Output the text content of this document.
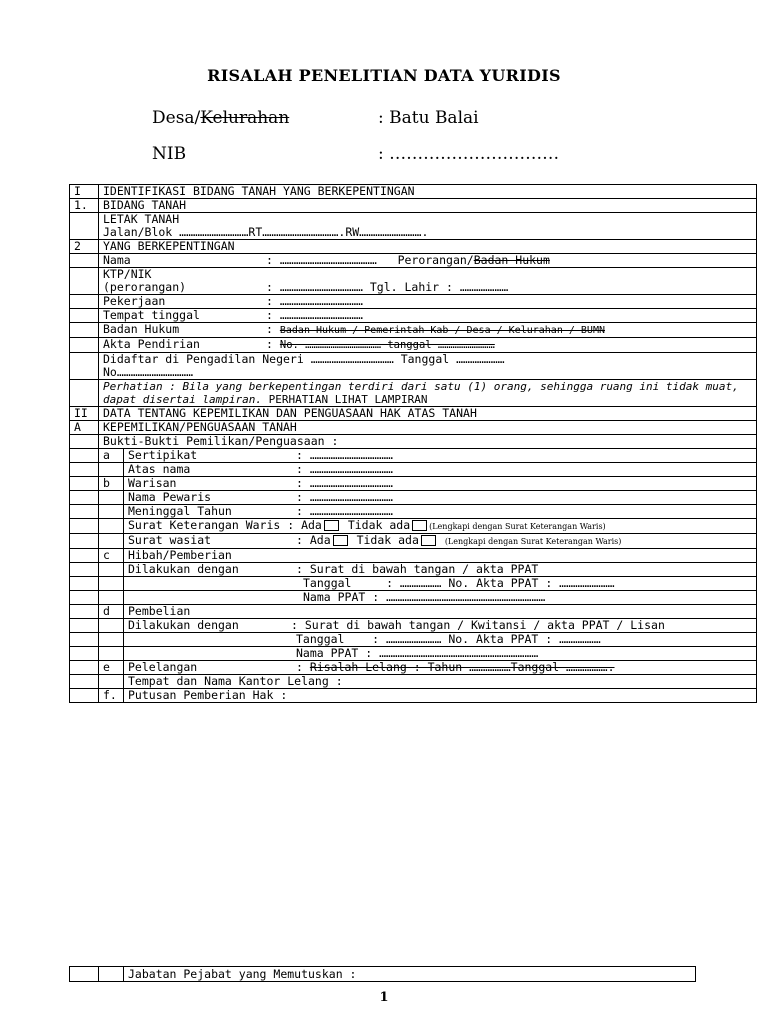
RISALAH PENELITIAN DATA YURIDIS
Desa/Kelurahan	: Batu Balai
NIB	: …………………………
I	IDENTIFIKASI BIDANG TANAH YANG BERKEPENTINGAN	
1.	BIDANG TANAH	

	LETAK TANAH
Jalan/Blok …………………………RT…………………………….RW……………………….	

2	YANG BERKEPENTINGAN	
	Nama : …………………………………… Perorangan/Badan Hukum	

	KTP/NIK
(perorangan) : ……………………………… Tgl. Lahir : …………………	

	Pekerjaan : ………………………………	
	Tempat tinggal : ………………………………	
	Badan Hukum : Badan Hukum / Pemerintah Kab / Desa / Kelurahan / BUMN	
	Akta Pendirian : No. ……………………………… tanggal ………………………	

	Didaftar di Pengadilan Negeri ……………………………… Tanggal …………………
No……………………………	

	Perhatian : Bila yang berkepentingan terdiri dari satu (1) orang, sehingga ruang ini tidak muat, dapat disertai lampiran. PERHATIAN LIHAT LAMPIRAN	
II	DATA TENTANG KEPEMILIKAN DAN PENGUASAAN HAK ATAS TANAH	
A	KEPEMILIKAN/PENGUASAAN TANAH	
	Bukti-Bukti Pemilikan/Penguasaan :	
	a	Sertipikat : ………………………………
		Atas nama : ………………………………
	b	Warisan : ………………………………
		Nama Pewaris : ………………………………
		Meninggal Tahun : ………………………………
		Surat Keterangan Waris : Ada Tidak ada (Lengkapi dengan Surat Keterangan Waris)
		Surat wasiat : Ada Tidak ada (Lengkapi dengan Surat Keterangan Waris)
	c	Hibah/Pemberian
		Dilakukan dengan : Surat di bawah tangan / akta PPAT
		Tanggal     : ……………… No. Akta PPAT : ……………………
		Nama PPAT : ……………………………………………………………
	d	Pembelian
		Dilakukan dengan : Surat di bawah tangan / Kwitansi / akta PPAT / Lisan
		Tanggal    : …………………… No. Akta PPAT : ………………
		Nama PPAT : ……………………………………………………………
	e	Pelelangan : Risalah Lelang : Tahun ………………Tanggal ……………….
		Tempat dan Nama Kantor Lelang :
	f.	Putusan Pemberian Hak :
		Jabatan Pejabat yang Memutuskan :
1
